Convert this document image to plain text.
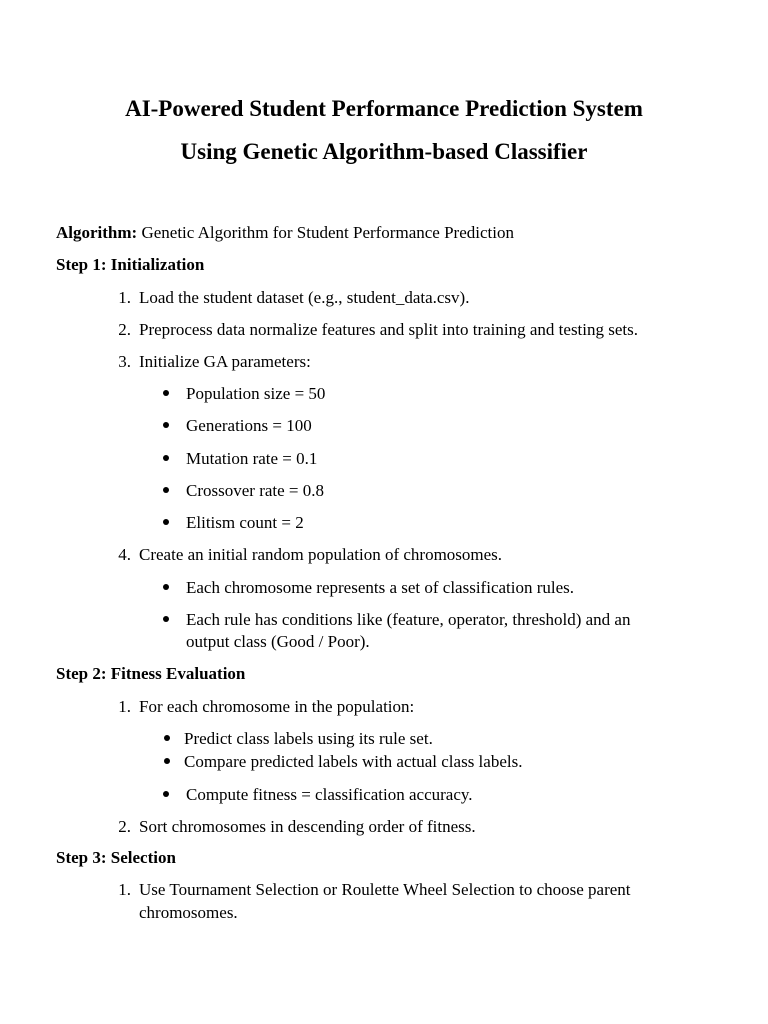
AI-Powered Student Performance Prediction System
Using Genetic Algorithm-based Classifier
Algorithm: Genetic Algorithm for Student Performance Prediction
Step 1: Initialization
1. Load the student dataset (e.g., student_data.csv).
2. Preprocess data normalize features and split into training and testing sets.
3. Initialize GA parameters:
Population size = 50
Generations = 100
Mutation rate = 0.1
Crossover rate = 0.8
Elitism count = 2
4. Create an initial random population of chromosomes.
Each chromosome represents a set of classification rules.
Each rule has conditions like (feature, operator, threshold) and an
output class (Good / Poor).
Step 2: Fitness Evaluation
1. For each chromosome in the population:
Predict class labels using its rule set.
Compare predicted labels with actual class labels.
Compute fitness = classification accuracy.
2. Sort chromosomes in descending order of fitness.
Step 3: Selection
1. Use Tournament Selection or Roulette Wheel Selection to choose parent
chromosomes.
